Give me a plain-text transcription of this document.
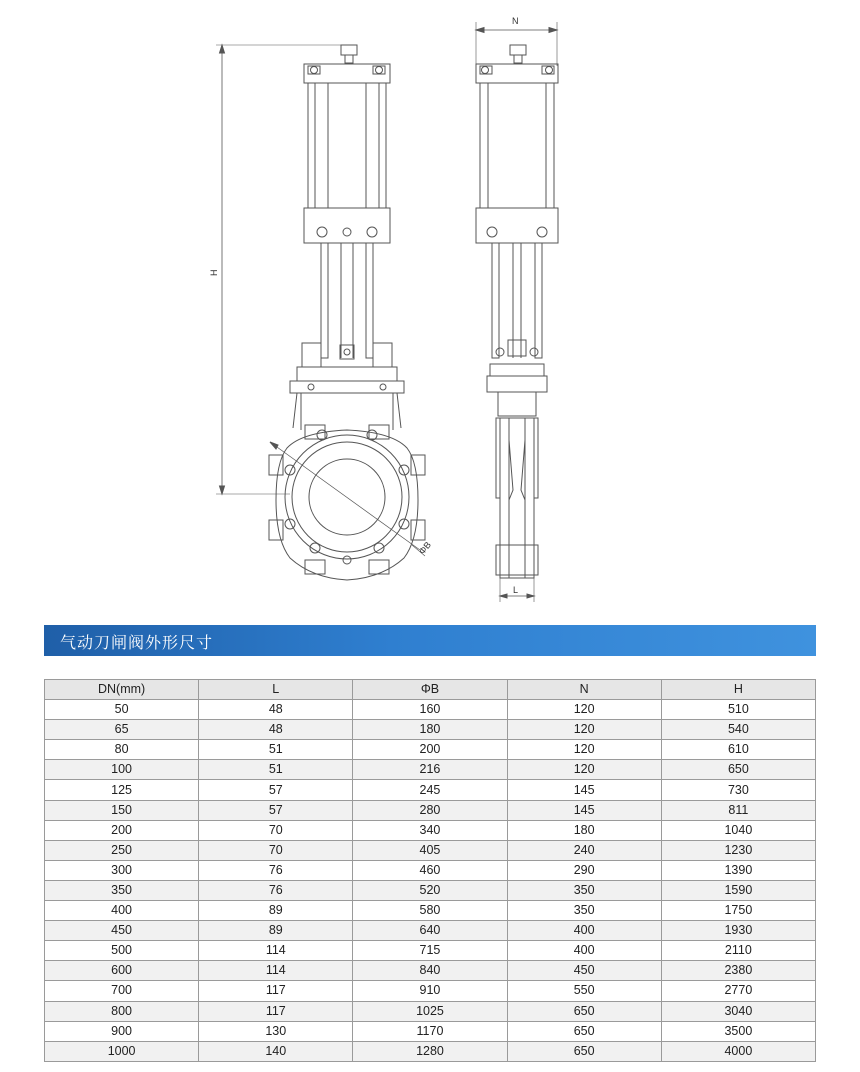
H
N
L
ΦB
气动刀闸阀外形尺寸
DN(mm)	L	ΦB	N	H
50	48	160	120	510
65	48	180	120	540
80	51	200	120	610
100	51	216	120	650
125	57	245	145	730
150	57	280	145	811
200	70	340	180	1040
250	70	405	240	1230
300	76	460	290	1390
350	76	520	350	1590
400	89	580	350	1750
450	89	640	400	1930
500	114	715	400	2110
600	114	840	450	2380
700	117	910	550	2770
800	117	1025	650	3040
900	130	1170	650	3500
1000	140	1280	650	4000
